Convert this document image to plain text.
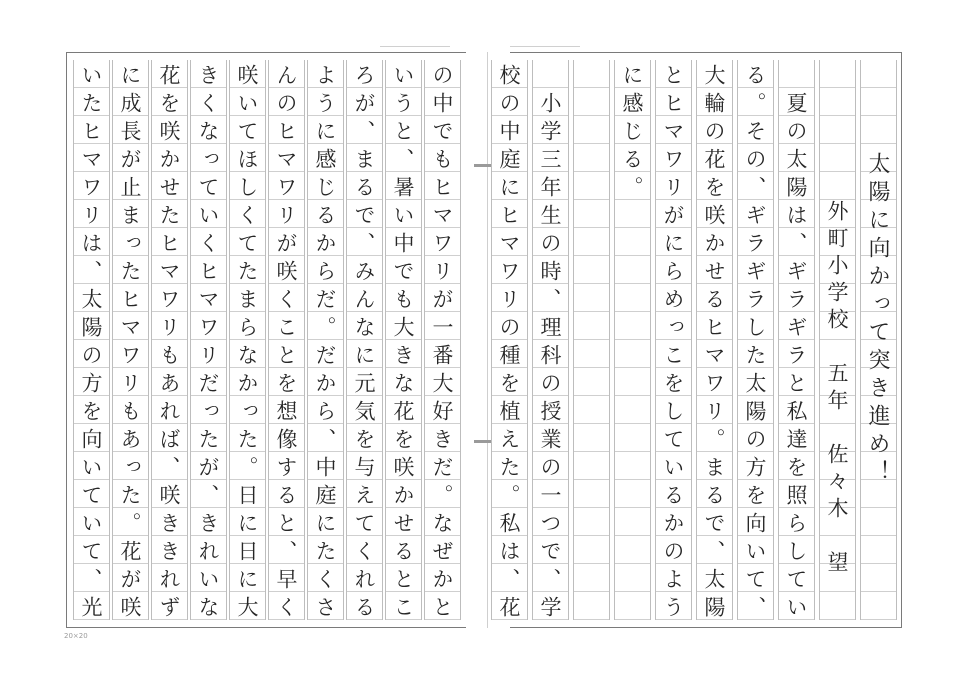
太陽に向かって突き進め！
外町小学校　五年　佐々木　望
　夏の太陽は、ギラギラと私達を照らしてい
る。その、ギラギラした太陽の方を向いて、
大輪の花を咲かせるヒマワリ。まるで、太陽
とヒマワリがにらめっこをしているかのよう
に感じる。
　小学三年生の時、理科の授業の一つで、学
校の中庭にヒマワリの種を植えた。私は、花
の中でもヒマワリが一番大好きだ。なぜかと
いうと、暑い中でも大きな花を咲かせるとこ
ろが、まるで、みんなに元気を与えてくれる
ように感じるからだ。だから、中庭にたくさ
んのヒマワリが咲くことを想像すると、早く
咲いてほしくてたまらなかった。日に日に大
きくなっていくヒマワリだったが、きれいな
花を咲かせたヒマワリもあれば、咲ききれず
に成長が止まったヒマワリもあった。花が咲
いたヒマワリは、太陽の方を向いていて、光
20×20
